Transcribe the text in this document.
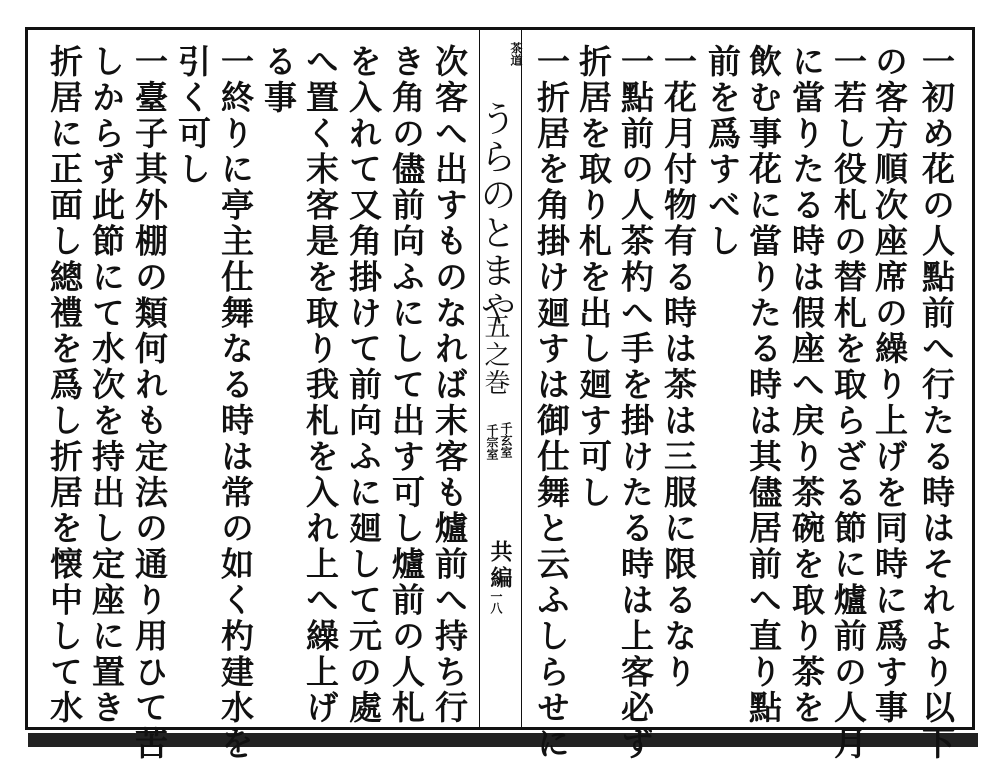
茶道
うらのとまや
千玄室
千宗室
共編
一八
五之巻	一初め花の人點前へ行たる時はそれより以下
の客方順次座席の繰り上げを同時に爲す事
一若し役札の替札を取らざる節に爐前の人月
に當りたる時は假座へ戻り茶碗を取り茶を
飲む事花に當りたる時は其儘居前へ直り點
前を爲すべし
一花月付物有る時は茶は三服に限るなり
一點前の人茶杓へ手を掛けたる時は上客必ず
折居を取り札を出し廻す可し
一折居を角掛け廻すは御仕舞と云ふしらせに
次客へ出すものなれば末客も爐前へ持ち行
き角の儘前向ふにして出す可し爐前の人札
を入れて又角掛けて前向ふに廻して元の處
へ置く末客是を取り我札を入れ上へ繰上げ
る事
一終りに亭主仕舞なる時は常の如く杓建水を
引く可し
一臺子其外棚の類何れも定法の通り用ひて苦
しからず此節にて水次を持出し定座に置き
折居に正面し總禮を爲し折居を懐中して水
